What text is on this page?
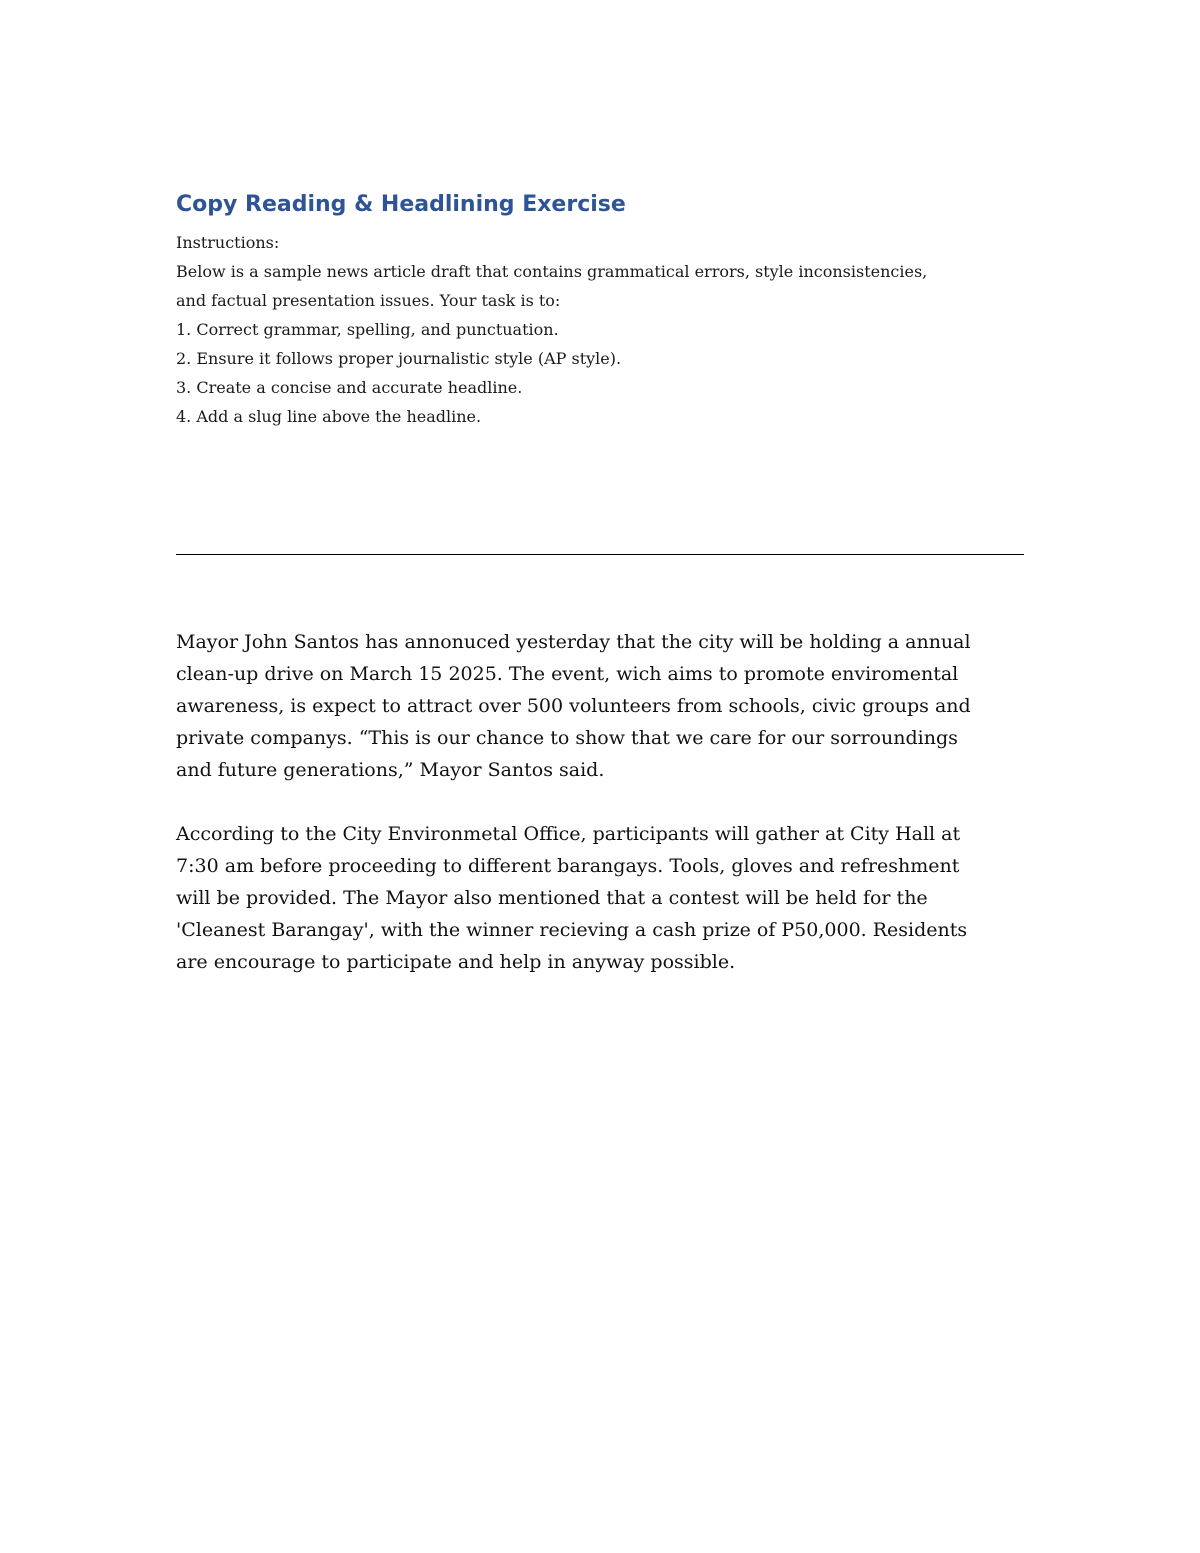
Copy Reading & Headlining Exercise
Instructions:
Below is a sample news article draft that contains grammatical errors, style inconsistencies,
and factual presentation issues. Your task is to:
1. Correct grammar, spelling, and punctuation.
2. Ensure it follows proper journalistic style (AP style).
3. Create a concise and accurate headline.
4. Add a slug line above the headline.

Mayor John Santos has annonuced yesterday that the city will be holding a annual
clean-up drive on March 15 2025. The event, wich aims to promote enviromental
awareness, is expect to attract over 500 volunteers from schools, civic groups and
private companys. “This is our chance to show that we care for our sorroundings
and future generations,” Mayor Santos said.

According to the City Environmetal Office, participants will gather at City Hall at
7:30 am before proceeding to different barangays. Tools, gloves and refreshment
will be provided. The Mayor also mentioned that a contest will be held for the
'Cleanest Barangay', with the winner recieving a cash prize of P50,000. Residents
are encourage to participate and help in anyway possible.
